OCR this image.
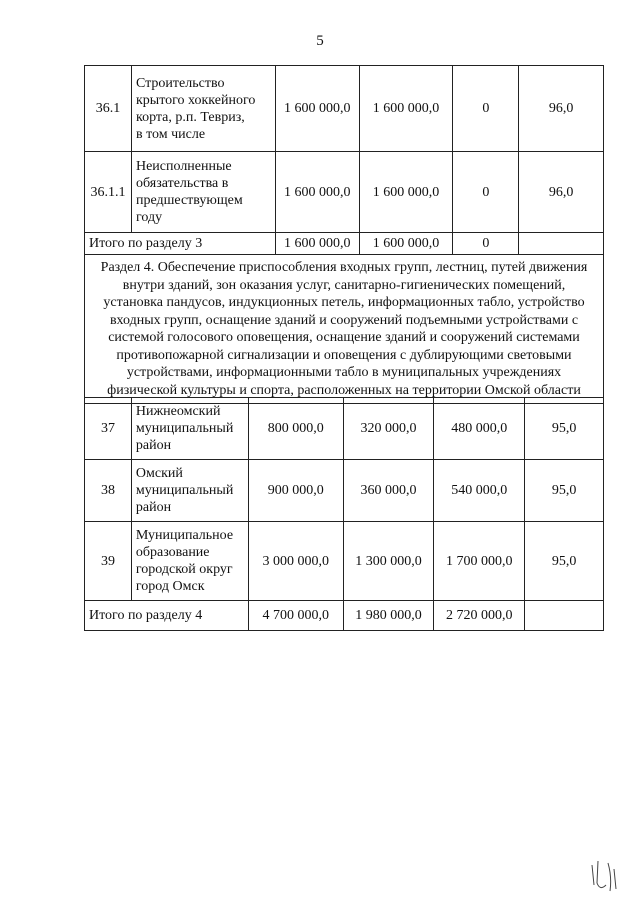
5
36.1	Строительство
крытого хоккейного
корта, р.п. Тевриз,
в том числе	1 600 000,0	1 600 000,0	0	96,0
36.1.1	Неисполненные
обязательства в
предшествующем
году	1 600 000,0	1 600 000,0	0	96,0
Итого по разделу 3		1 600 000,0	1 600 000,0	0	
Раздел 4. Обеспечение приспособления входных групп, лестниц, путей движения
внутри зданий, зон оказания услуг, санитарно-гигиенических помещений,
установка пандусов, индукционных петель, информационных табло, устройство
входных групп, оснащение зданий и сооружений подъемными устройствами с
системой голосового оповещения, оснащение зданий и сооружений системами
противопожарной сигнализации и оповещения с дублирующими световыми
устройствами, информационными табло в муниципальных учреждениях
физической культуры и спорта, расположенных на территории Омской области
37	Нижнеомский
муниципальный
район	800 000,0	320 000,0	480 000,0	95,0
38	Омский
муниципальный
район	900 000,0	360 000,0	540 000,0	95,0
39	Муниципальное
образование
городской округ
город Омск	3 000 000,0	1 300 000,0	1 700 000,0	95,0
Итого по разделу 4		4 700 000,0	1 980 000,0	2 720 000,0	
